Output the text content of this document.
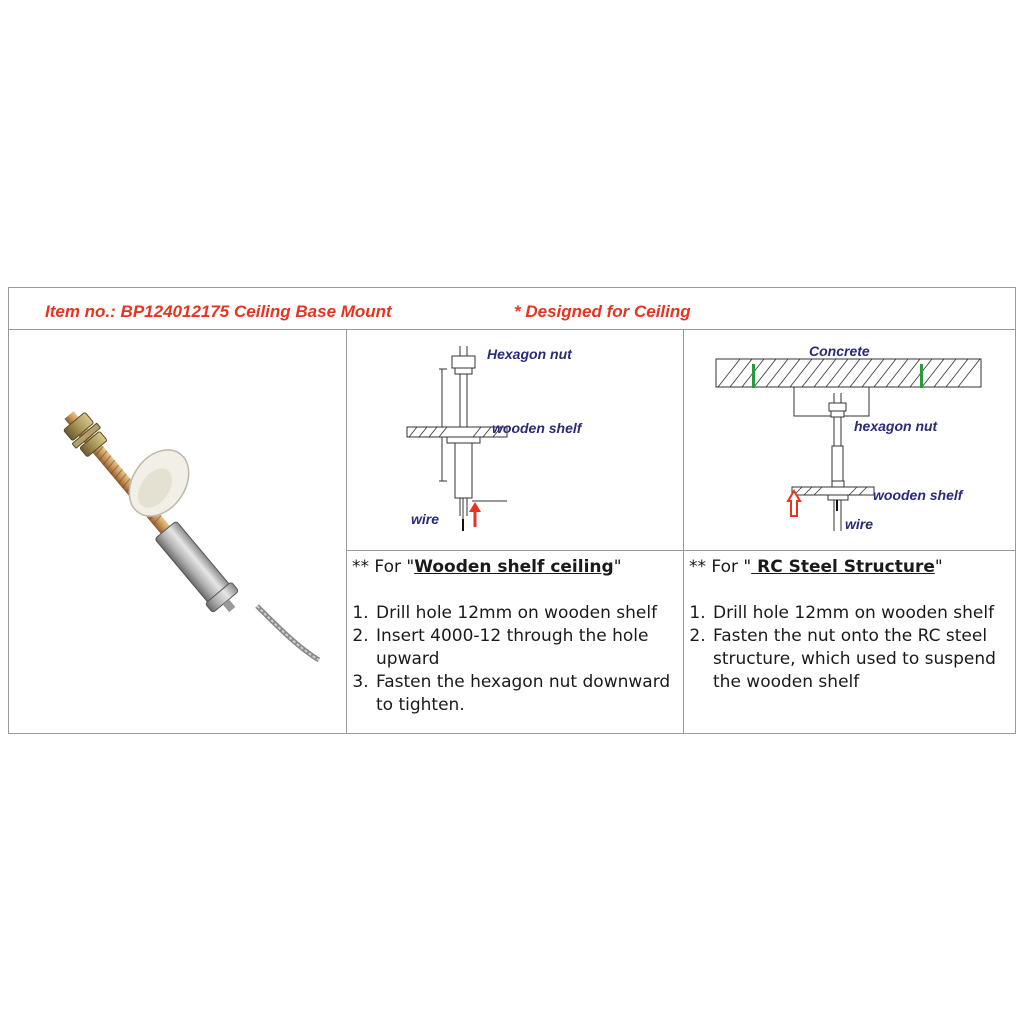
Item no.: BP124012175 Ceiling Base Mount	* Designed for Ceiling
Hexagon nut
wooden shelf
wire
Concrete
hexagon nut
wooden shelf
wire
** For "Wooden shelf ceiling"
1. Drill hole 12mm on wooden shelf
2. Insert 4000-12 through the hole upward
3. Fasten the hexagon nut downward to tighten.
** For " RC Steel Structure"
1. Drill hole 12mm on wooden shelf
2. Fasten the nut onto the RC steel structure, which used to suspend the wooden shelf
